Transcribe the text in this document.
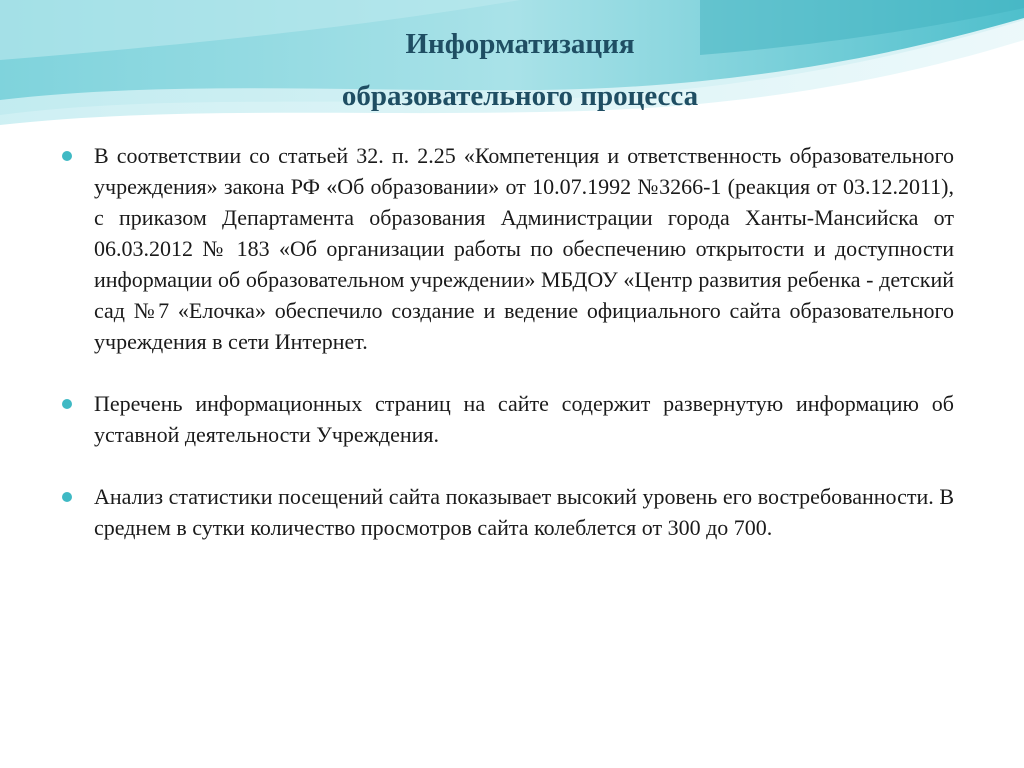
Информатизация
образовательного процесса

В соответствии со статьей 32. п. 2.25 «Компетенция и ответственность образовательного учреждения» закона РФ «Об образовании» от 10.07.1992 №3266-1 (реакция от 03.12.2011), с приказом Департамента образования Администрации города Ханты-Мансийска от 06.03.2012 № 183 «Об организации работы по обеспечению открытости и доступности информации об образовательном учреждении» МБДОУ «Центр развития ребенка - детский сад №7 «Елочка» обеспечило создание и ведение официального сайта образовательного учреждения в сети Интернет.

Перечень информационных страниц на сайте содержит развернутую информацию об уставной деятельности Учреждения.

Анализ статистики посещений сайта показывает высокий уровень его востребованности. В среднем в сутки количество просмотров сайта колеблется от 300 до 700.
